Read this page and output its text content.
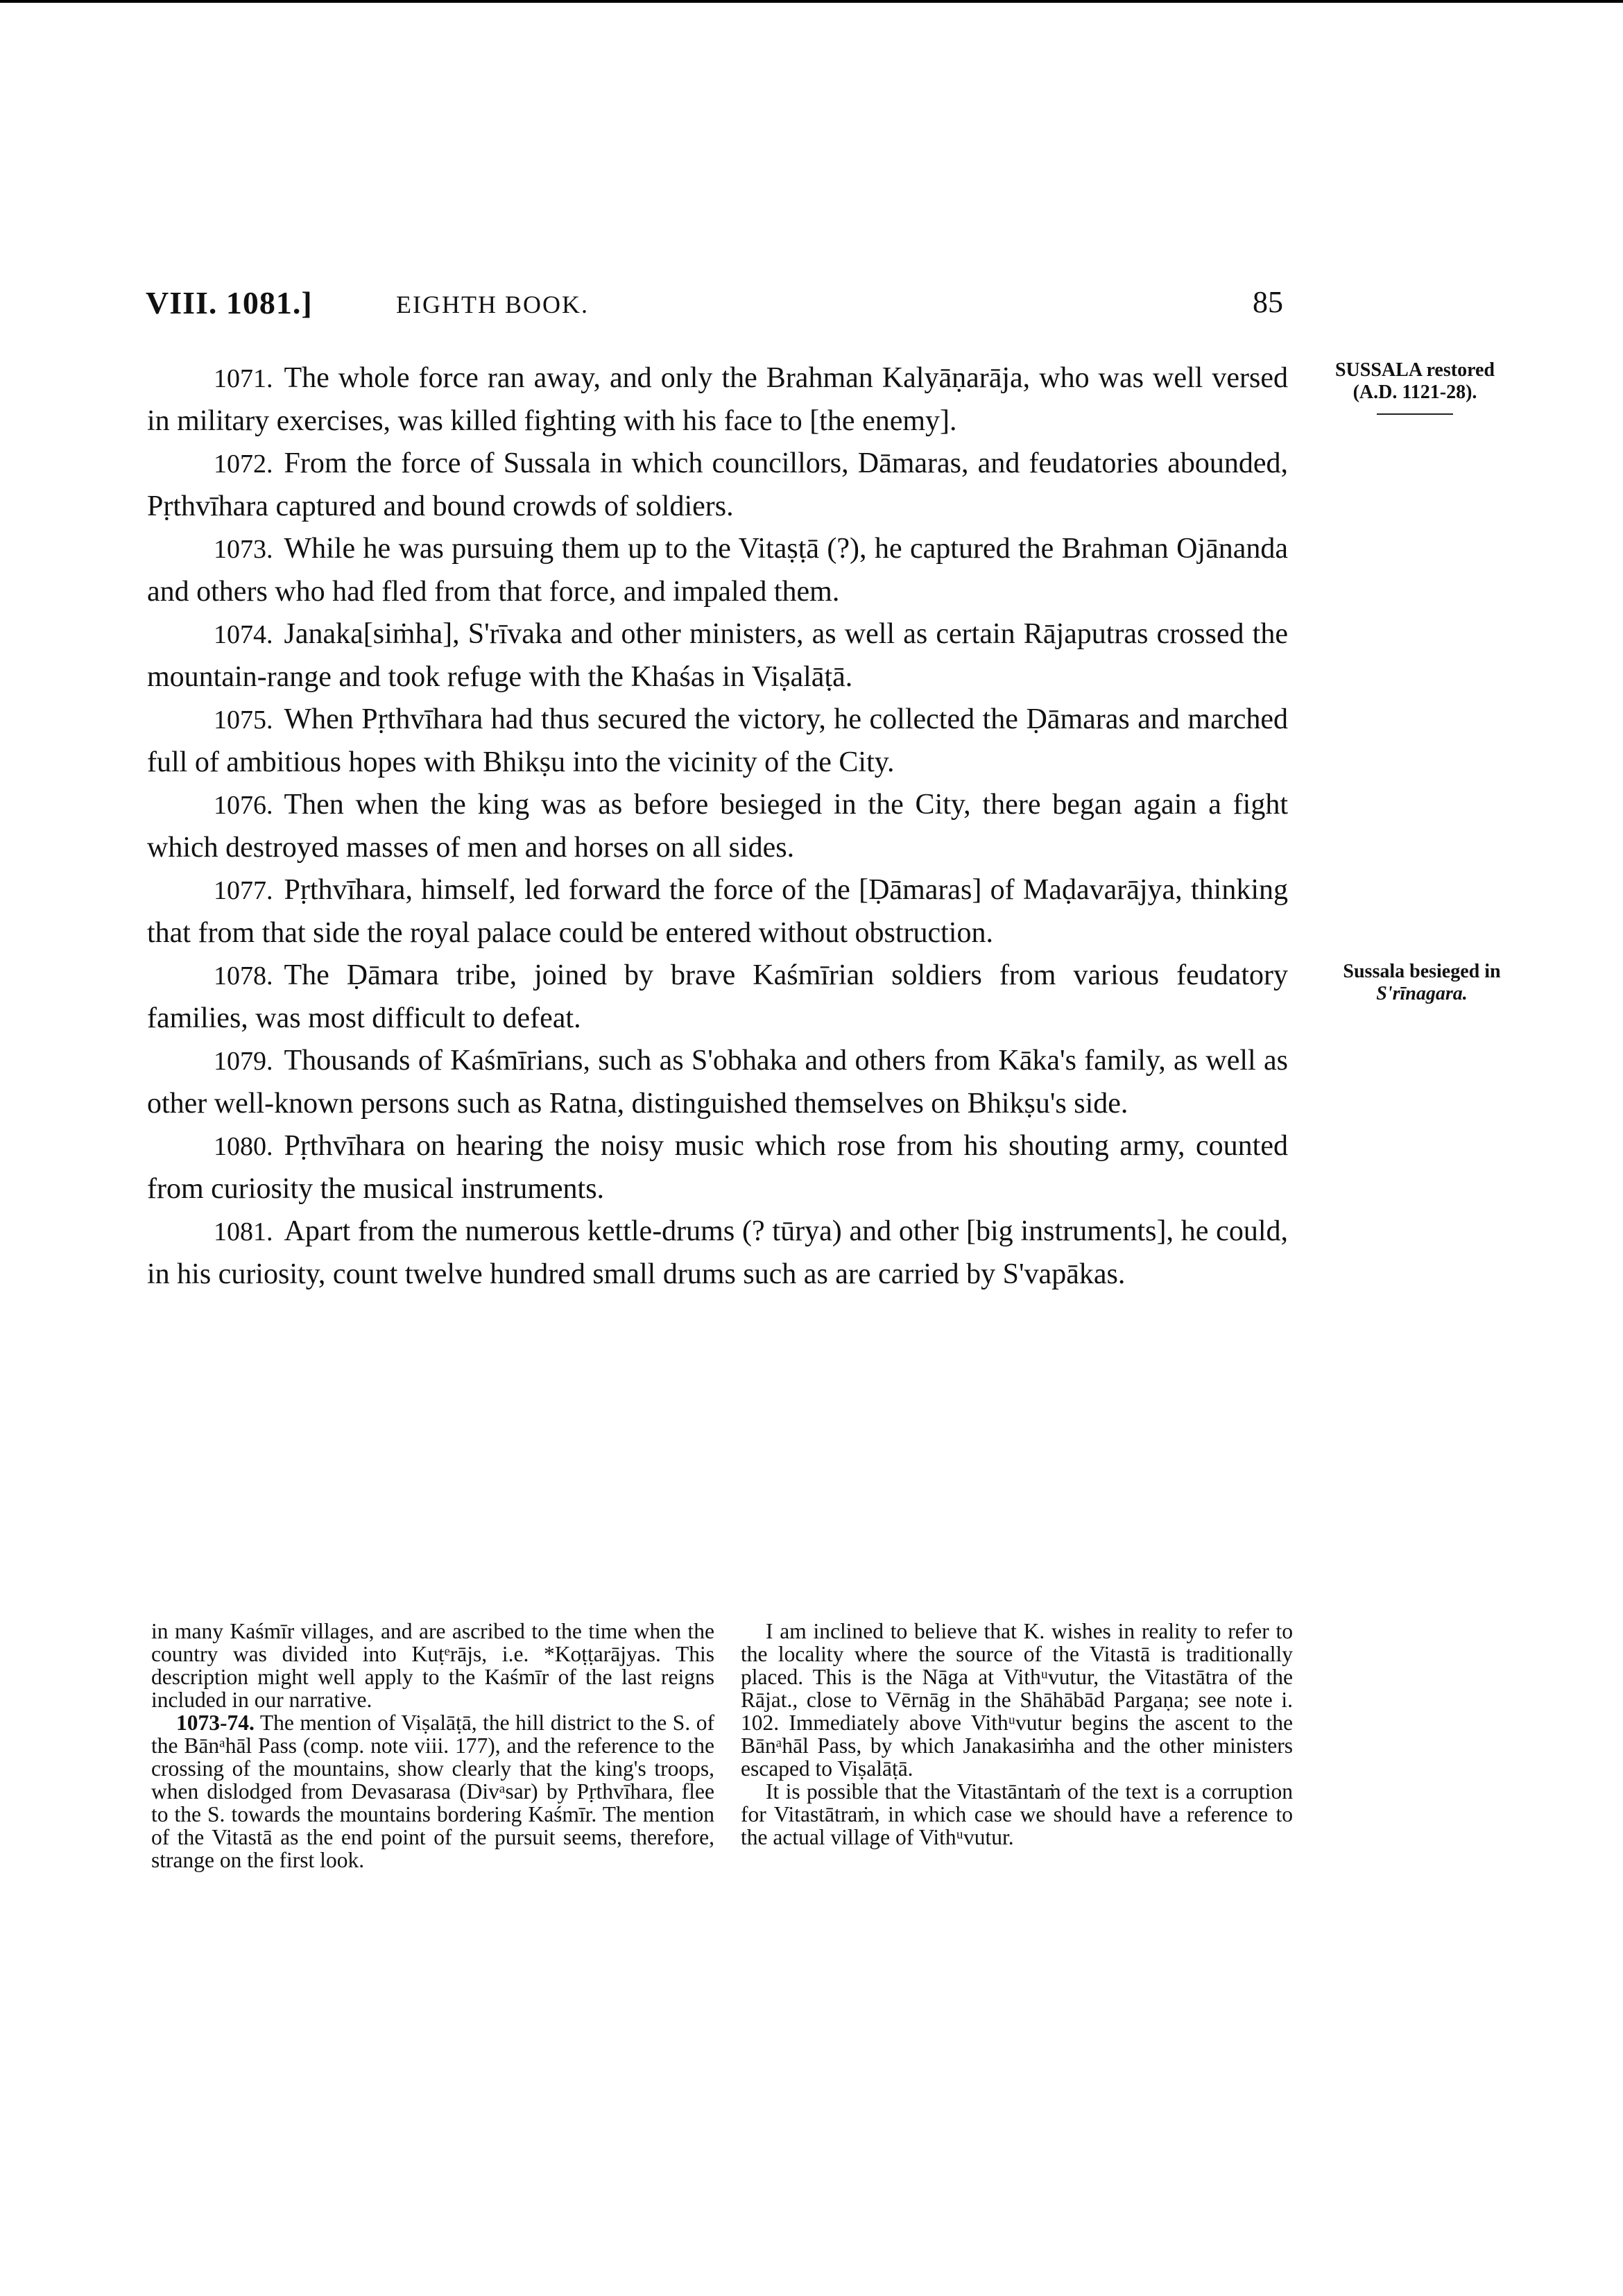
VIII. 1081.]	EIGHTH BOOK.	85
SUSSALA restored
(A.D. 1121-28).
Sussala besieged in
S'rīnagara.

1071. The whole force ran away, and only the Brahman Kalyāṇarāja, who was well versed in military exercises, was killed fighting with his face to [the enemy].

1072. From the force of Sussala in which councillors, Dāmaras, and feudatories abounded, Pṛthvīhara captured and bound crowds of soldiers.

1073. While he was pursuing them up to the Vitaṣṭā (?), he captured the Brahman Ojānanda and others who had fled from that force, and impaled them.

1074. Janaka[siṁha], S'rīvaka and other ministers, as well as certain Rājaputras crossed the mountain-range and took refuge with the Khaśas in Viṣalāṭā.

1075. When Pṛthvīhara had thus secured the victory, he collected the Ḍāmaras and marched full of ambitious hopes with Bhikṣu into the vicinity of the City.

1076. Then when the king was as before besieged in the City, there began again a fight which destroyed masses of men and horses on all sides.

1077. Pṛthvīhara, himself, led forward the force of the [Ḍāmaras] of Maḍavarājya, thinking that from that side the royal palace could be entered without obstruction.

1078. The Ḍāmara tribe, joined by brave Kaśmīrian soldiers from various feudatory families, was most difficult to defeat.

1079. Thousands of Kaśmīrians, such as S'obhaka and others from Kāka's family, as well as other well-known persons such as Ratna, distinguished themselves on Bhikṣu's side.

1080. Pṛthvīhara on hearing the noisy music which rose from his shouting army, counted from curiosity the musical instruments.

1081. Apart from the numerous kettle-drums (? tūrya) and other [big instruments], he could, in his curiosity, count twelve hundred small drums such as are carried by S'vapākas.

in many Kaśmīr villages, and are ascribed to the time when the country was divided into Kuṭᵉrājs, i.e. *Koṭṭarājyas. This description might well apply to the Kaśmīr of the last reigns included in our narrative.

1073-74. The mention of Viṣalāṭā, the hill district to the S. of the Bānᵃhāl Pass (comp. note viii. 177), and the reference to the crossing of the mountains, show clearly that the king's troops, when dislodged from Devasarasa (Divᵃsar) by Pṛthvīhara, flee to the S. towards the mountains bordering Kaśmīr. The mention of the Vitastā as the end point of the pursuit seems, therefore, strange on the first look.

I am inclined to believe that K. wishes in reality to refer to the locality where the source of the Vitastā is traditionally placed. This is the Nāga at Vithᵘvutur, the Vitastātra of the Rājat., close to Vērnāg in the Shāhābād Pargaṇa; see note i. 102. Immediately above Vithᵘvutur begins the ascent to the Bānᵃhāl Pass, by which Janakasiṁha and the other ministers escaped to Viṣalāṭā.

It is possible that the Vitastāntaṁ of the text is a corruption for Vitastātraṁ, in which case we should have a reference to the actual village of Vithᵘvutur.
